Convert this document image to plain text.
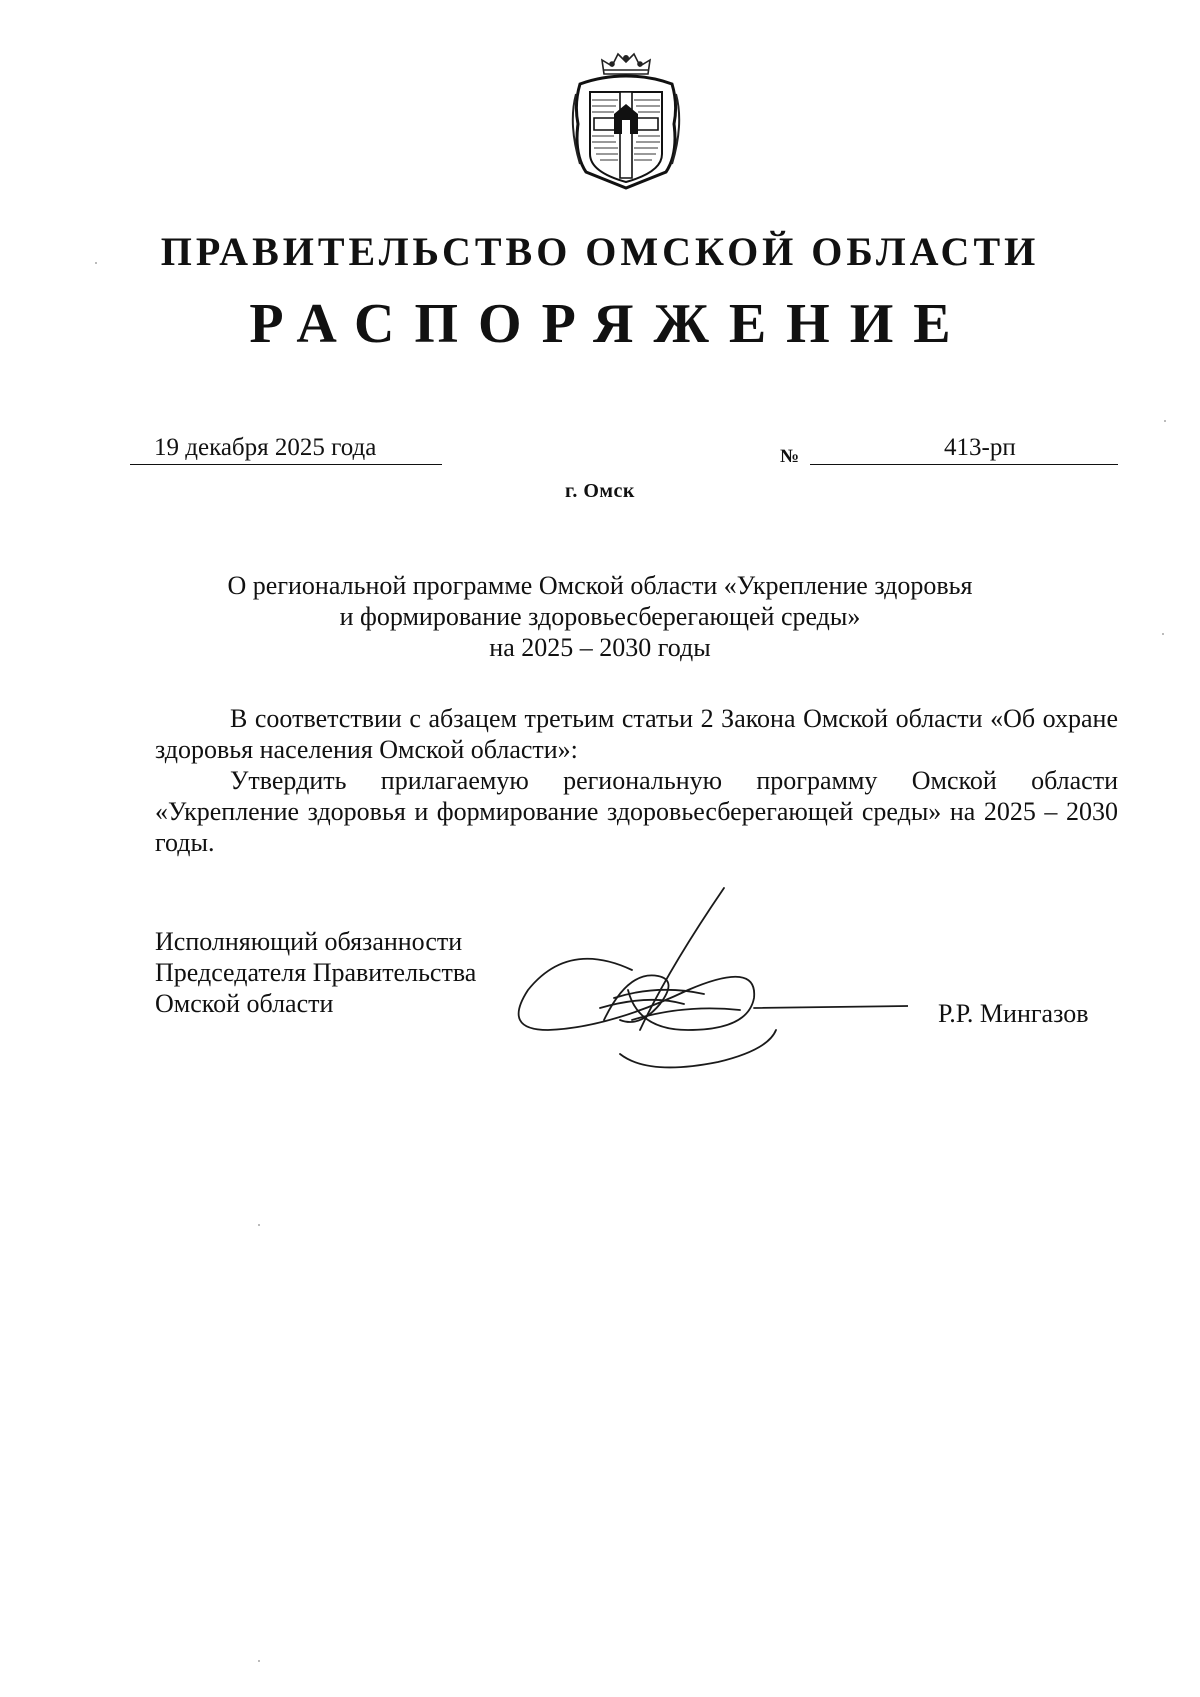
ПРАВИТЕЛЬСТВО ОМСКОЙ ОБЛАСТИ
РАСПОРЯЖЕНИЕ
19 декабря 2025 года	№	413-рп
г. Омск
О региональной программе Омской области «Укрепление здоровья
и формирование здоровьесберегающей среды»
на 2025 – 2030 годы

В соответствии с абзацем третьим статьи 2 Закона Омской области «Об охране здоровья населения Омской области»:

Утвердить прилагаемую региональную программу Омской области «Укрепление здоровья и формирование здоровьесберегающей среды» на 2025 – 2030 годы.

Исполняющий обязанности
Председателя Правительства
Омской области	Р.Р. Мингазов
